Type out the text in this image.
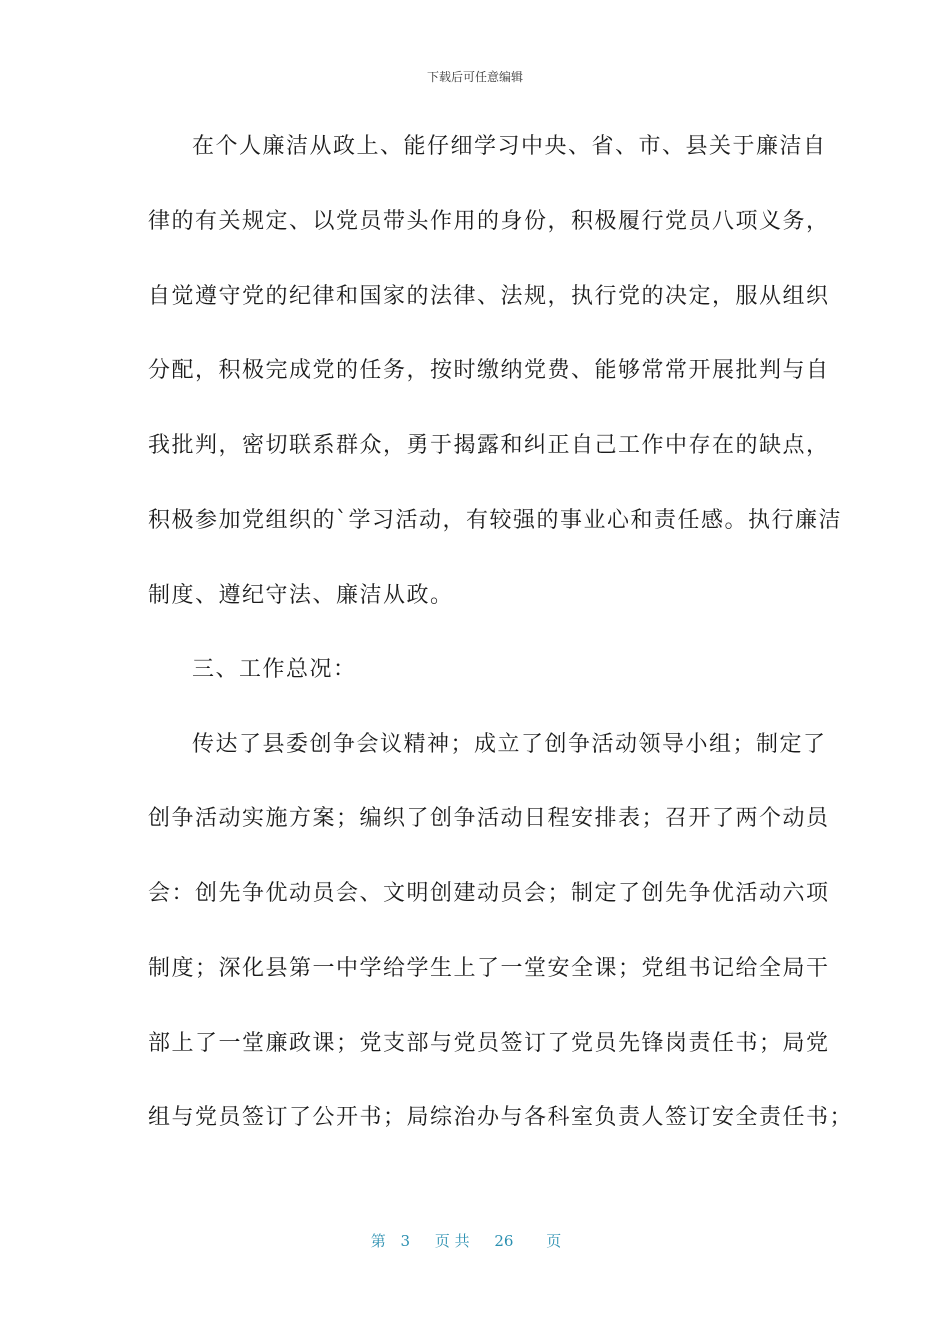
下载后可任意编辑
在个人廉洁从政上、能仔细学习中央、省、市、县关于廉洁自
律的有关规定、以党员带头作用的身份，积极履行党员八项义务，
自觉遵守党的纪律和国家的法律、法规，执行党的决定，服从组织
分配，积极完成党的任务，按时缴纳党费、能够常常开展批判与自
我批判，密切联系群众，勇于揭露和纠正自己工作中存在的缺点，
积极参加党组织的`学习活动，有较强的事业心和责任感。执行廉洁
制度、遵纪守法、廉洁从政。
三、工作总况：
传达了县委创争会议精神；成立了创争活动领导小组；制定了
创争活动实施方案；编织了创争活动日程安排表；召开了两个动员
会：创先争优动员会、文明创建动员会；制定了创先争优活动六项
制度；深化县第一中学给学生上了一堂安全课；党组书记给全局干
部上了一堂廉政课；党支部与党员签订了党员先锋岗责任书；局党
组与党员签订了公开书；局综治办与各科室负责人签订安全责任书；
第 3 页 共 26 页
